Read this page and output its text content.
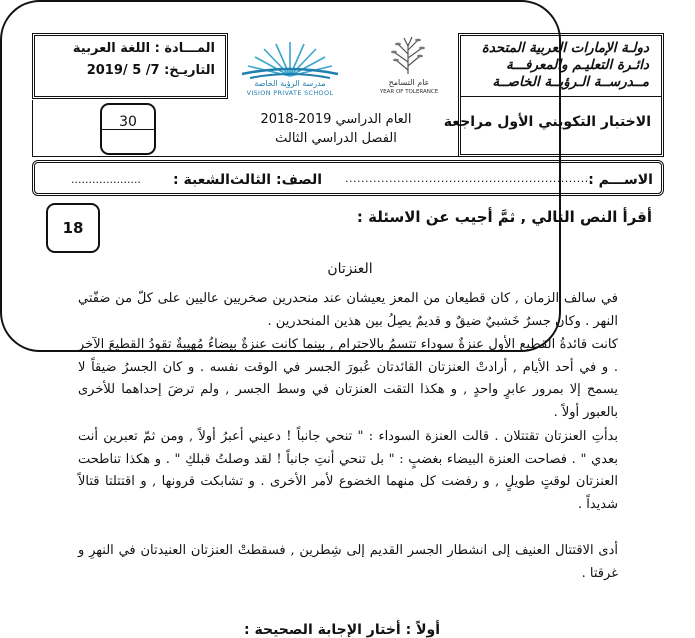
المـــادة : اللغة العربية
التاريـخ: 7/ 5 /2019
مدرسة الرؤية الخاصة
VISION PRIVATE SCHOOL
عام التسامح
YEAR OF TOLERANCE
دولـة الإمارات العربية المتحدة
دائـرة التعليـم والمعرفـــة
مــدرســة الـرؤيــة الخاصــة
الاختبار التكويني الأول مراجعة
30	العام الدراسي 2019-2018
الفصل الدراسي الثالث
الاســـم :
..............................................................
الصف: الثالث
الشعبة :
....................
18
أقرأ النص التالي , ثمَّ أجيب عن الاسئلة :
العنزتان
في سالف الزمان , كان قطيعان من المعز يعيشان عند منحدرين صخريين عاليين على كلّ من ضفّتي النهر . وكان جسرٌ خَشبيٌ ضيقٌ و قديمٌ يصِلُ بين هذين المنحدرين .
كانت قائدةُ القطيع الأول عنزةٌ سوداء تتسمُ بالاحترام , بينما كانت عنزةٌ بيضاءُ مُهيبةٌ تقودُ القطيعَ الآخر . و في أحد الأيام , أرادتْ العنزتان القائدتان عُبورَ الجسر في الوقت نفسه . و كان الجسرُ ضيقاً لا يسمح إلا بمرور عابرٍ واحدٍ , و هكذا التقت العنزتان في وسط الجسر , ولم ترضَ إحداهما للأخرى بالعبور أولاً .
بدأتِ العنزتان تقتتلان . قالت العنزة السوداء : " تنحي جانباً ! دعيني أعبرُ أولاً , ومن ثمّ تعبرين أنت بعدي " . فصاحت العنزة البيضاء بغضبٍ : " بل تنحي أنتِ جانباً ! لقد وصلتُ قبلكِ " . و هكذا تناطحت العنزتان لوقتٍ طويلٍ , و رفضت كل منهما الخضوع لأمر الأخرى . و تشابكت قرونها , و اقتتلتا قتالاً شديداً .
أدى الاقتتال العنيف إلى انشطار الجسر القديم إلى شِطرين , فسقطتْ العنزتان العنيدتان في النهرِ و غرقتا .
أولاً : أختار الإجابة الصحيحة :
